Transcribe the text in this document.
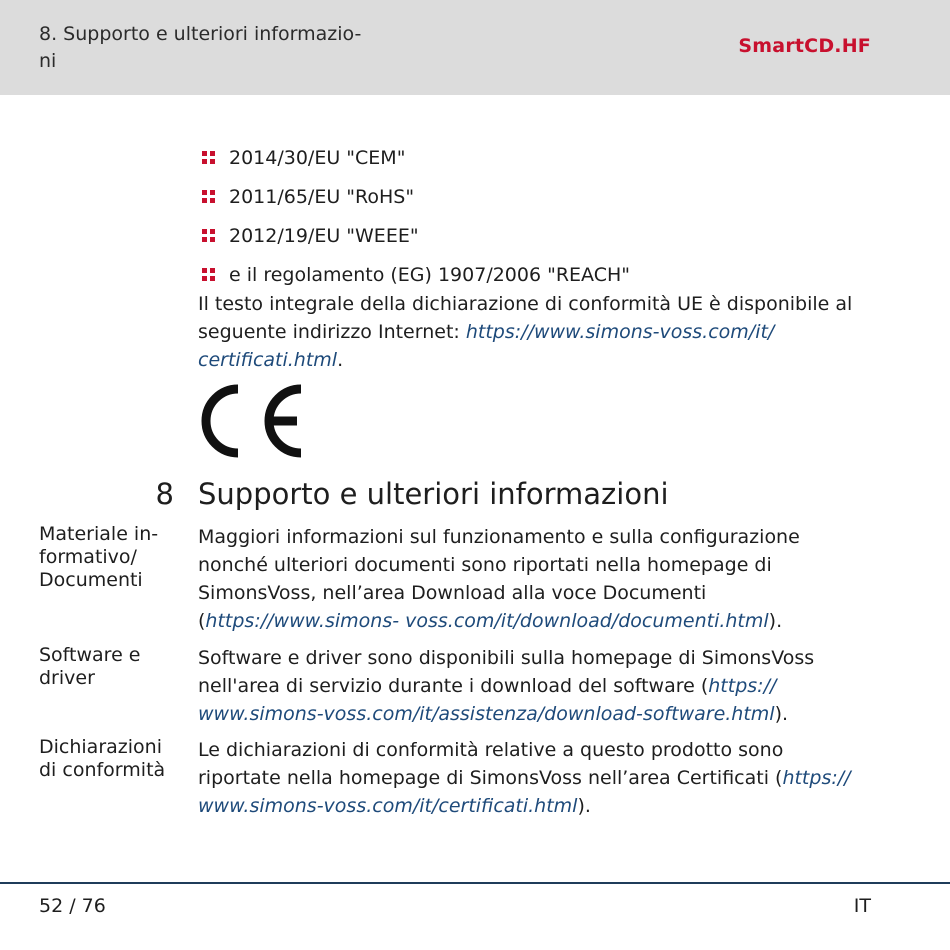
8. Supporto e ulteriori informazio- ni
SmartCD.HF
2014/30/EU "CEM"
2011/65/EU "RoHS"
2012/19/EU "WEEE"
e il regolamento (EG) 1907/2006 "REACH"

Il testo integrale della dichiarazione di conformità UE è disponibile al seguente indirizzo Internet: https://www.simons-voss.com/it/ certificati.html.

8 Supporto e ulteriori informazioni
Materiale in- formativo/ Documenti

Maggiori informazioni sul funzionamento e sulla configurazione nonché ulteriori documenti sono riportati nella homepage di SimonsVoss, nell’area Download alla voce Documenti (https://www.simons- voss.com/it/download/documenti.html).

Software e driver

Software e driver sono disponibili sulla homepage di SimonsVoss nell'area di servizio durante i download del software (https:// www.simons-voss.com/it/assistenza/download-software.html).

Dichiarazioni di conformità

Le dichiarazioni di conformità relative a questo prodotto sono riportate nella homepage di SimonsVoss nell’area Certificati (https:// www.simons-voss.com/it/certificati.html).

52 / 76	IT
